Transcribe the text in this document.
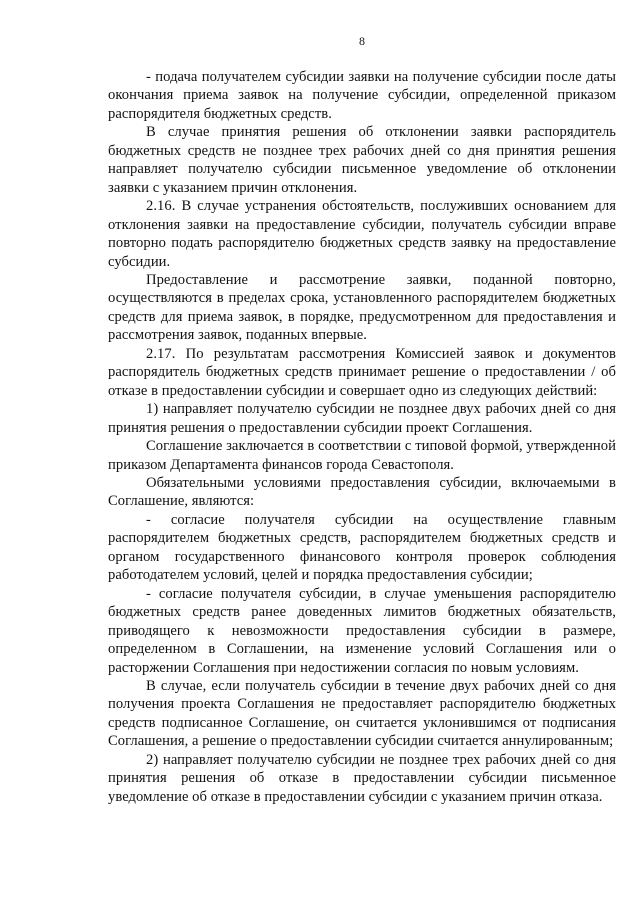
8

- подача получателем субсидии заявки на получение субсидии после даты окончания приема заявок на получение субсидии, определенной приказом распорядителя бюджетных средств.

В случае принятия решения об отклонении заявки распорядитель бюджетных средств не позднее трех рабочих дней со дня принятия решения направляет получателю субсидии письменное уведомление об отклонении заявки с указанием причин отклонения.

2.16. В случае устранения обстоятельств, послуживших основанием для отклонения заявки на предоставление субсидии, получатель субсидии вправе повторно подать распорядителю бюджетных средств заявку на предоставление субсидии.

Предоставление и рассмотрение заявки, поданной повторно, осуществляются в пределах срока, установленного распорядителем бюджетных средств для приема заявок, в порядке, предусмотренном для предоставления и рассмотрения заявок, поданных впервые.

2.17. По результатам рассмотрения Комиссией заявок и документов распорядитель бюджетных средств принимает решение о предоставлении / об отказе в предоставлении субсидии и совершает одно из следующих действий:

1) направляет получателю субсидии не позднее двух рабочих дней со дня принятия решения о предоставлении субсидии проект Соглашения.

Соглашение заключается в соответствии с типовой формой, утвержденной приказом Департамента финансов города Севастополя.

Обязательными условиями предоставления субсидии, включаемыми в Соглашение, являются:

- согласие получателя субсидии на осуществление главным распорядителем бюджетных средств, распорядителем бюджетных средств и органом государственного финансового контроля проверок соблюдения работодателем условий, целей и порядка предоставления субсидии;

- согласие получателя субсидии, в случае уменьшения распорядителю бюджетных средств ранее доведенных лимитов бюджетных обязательств, приводящего к невозможности предоставления субсидии в размере, определенном в Соглашении, на изменение условий Соглашения или о расторжении Соглашения при недостижении согласия по новым условиям.

В случае, если получатель субсидии в течение двух рабочих дней со дня получения проекта Соглашения не предоставляет распорядителю бюджетных средств подписанное Соглашение, он считается уклонившимся от подписания Соглашения, а решение о предоставлении субсидии считается аннулированным;

2) направляет получателю субсидии не позднее трех рабочих дней со дня принятия решения об отказе в предоставлении субсидии письменное уведомление об отказе в предоставлении субсидии с указанием причин отказа.
